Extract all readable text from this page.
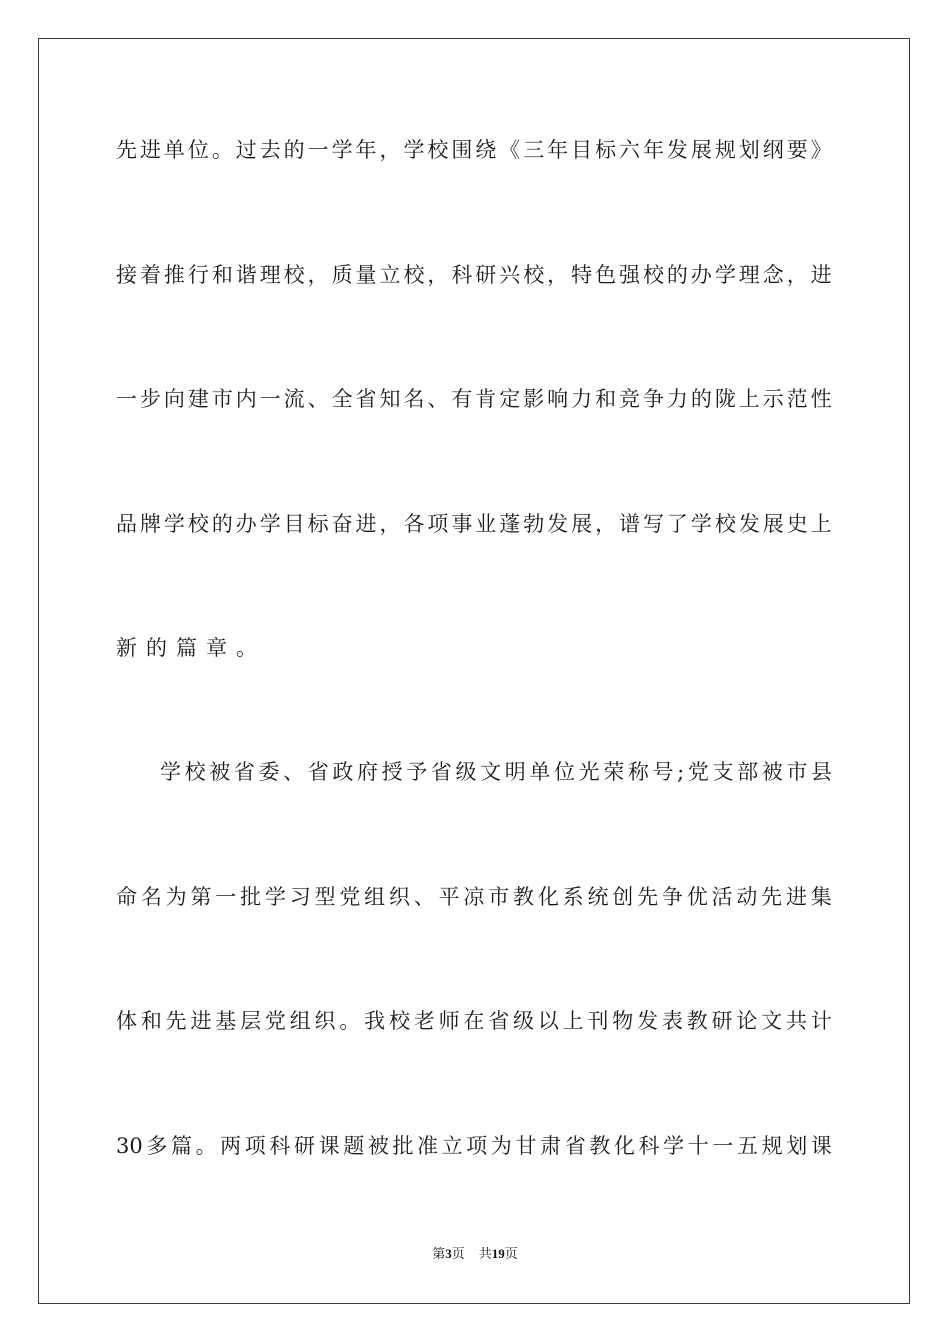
先 进 单 位 。 过 去 的 一 学 年 ， 学 校 围 绕 《 三 年 目 标 六 年 发 展 规 划 纲 要 》
接 着 推 行 和 谐 理 校 ， 质 量 立 校 ， 科 研 兴 校 ， 特 色 强 校 的 办 学 理 念 ， 进
一 步 向 建 市 内 一 流 、 全 省 知 名 、 有 肯 定 影 响 力 和 竞 争 力 的 陇 上 示 范 性
品 牌 学 校 的 办 学 目 标 奋 进 ， 各 项 事 业 蓬 勃 发 展 ， 谱 写 了 学 校 发 展 史 上
新 的 篇 章 。
学 校 被 省 委 、 省 政 府 授 予 省 级 文 明 单 位 光 荣 称 号 ; 党 支 部 被 市 县
命 名 为 第 一 批 学 习 型 党 组 织 、 平 凉 市 教 化 系 统 创 先 争 优 活 动 先 进 集
体 和 先 进 基 层 党 组 织 。 我 校 老 师 在 省 级 以 上 刊 物 发 表 教 研 论 文 共 计
30 多 篇 。 两 项 科 研 课 题 被 批 准 立 项 为 甘 肃 省 教 化 科 学 十 一 五 规 划 课
第3页 共19页
